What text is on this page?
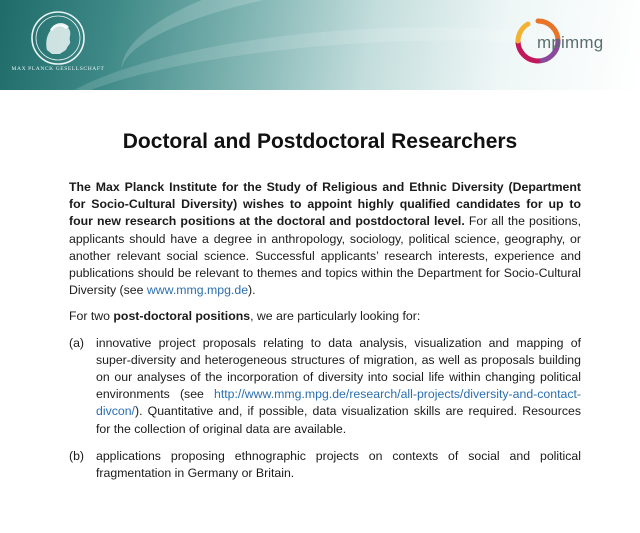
MAX PLANCK GESELLSCHAFT
mpimmg
Doctoral and Postdoctoral Researchers

The Max Planck Institute for the Study of Religious and Ethnic Diversity (Department for Socio-Cultural Diversity) wishes to appoint highly qualified candidates for up to four new research positions at the doctoral and postdoctoral level. For all the positions, applicants should have a degree in anthropology, sociology, political science, geography, or another relevant social science. Successful applicants’ research interests, experience and publications should be relevant to themes and topics within the Department for Socio-Cultural Diversity (see www.mmg.mpg.de).

For two post-doctoral positions, we are particularly looking for:

(a) innovative project proposals relating to data analysis, visualization and mapping of super-diversity and heterogeneous structures of migration, as well as proposals building on our analyses of the incorporation of diversity into social life within changing political environments (see http://www.mmg.mpg.de/research/all-projects/diversity-and-contact-divcon/). Quantitative and, if possible, data visualization skills are required. Resources for the collection of original data are available.
(b) applications proposing ethnographic projects on contexts of social and political fragmentation in Germany or Britain.
